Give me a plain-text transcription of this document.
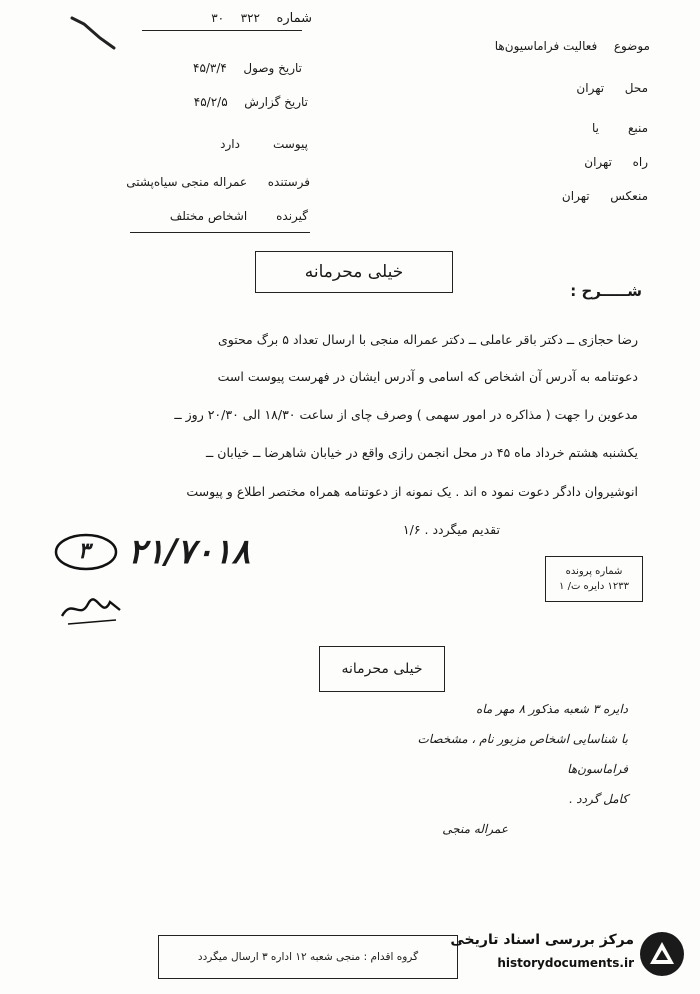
شماره    ۳۲۲    ۳۰
تاریخ وصول    ۴۵/۳/۴
تاریخ گزارش    ۴۵/۲/۵
پیوست        دارد
فرستنده     عمراله منجی سیاه‌پشتی
گیرنده       اشخاص مختلف
موضوع    فعالیت فراماسیون‌ها
محل     تهران
منبع       یا
راه     تهران
منعکس     تهران
خیلی محرمانه
شـــــرح :
رضا حجازی ــ دکتر باقر عاملی ــ دکتر عمراله منجی با ارسال تعداد ۵ برگ محتوی
دعوتنامه به آدرس آن اشخاص که اسامی و آدرس ایشان در فهرست پیوست است
مدعوین را جهت ( مذاکره در امور سهمی ) وصرف چای از ساعت ۱۸/۳۰ الی ۲۰/۳۰ روز ــ
یکشنبه هشتم خرداد ماه ۴۵ در محل انجمن رازی واقع در خیابان شاهرضا ــ خیابان ــ
انوشیروان دادگر دعوت نمود ه اند . یک نمونه از دعوتنامه همراه مختصر اطلاع و پیوست
تقدیم میگردد . ۱/۶
۳ ۲۱/۷۰۱۸	شماره پرونده
۱۲۳۳ دایره ت/ ۱
خیلی محرمانه
دایره ۳ شعبه مذکور ۸ مهر ماه
با شناسایی اشخاص مزبور نام ، مشخصات فراماسون‌ها
کامل گردد .
عمراله منجی
گروه اقدام : منجی شعبه ۱۲ اداره ۳ ارسال میگردد
مرکز بررسی اسناد تاریخی
historydocuments.ir
